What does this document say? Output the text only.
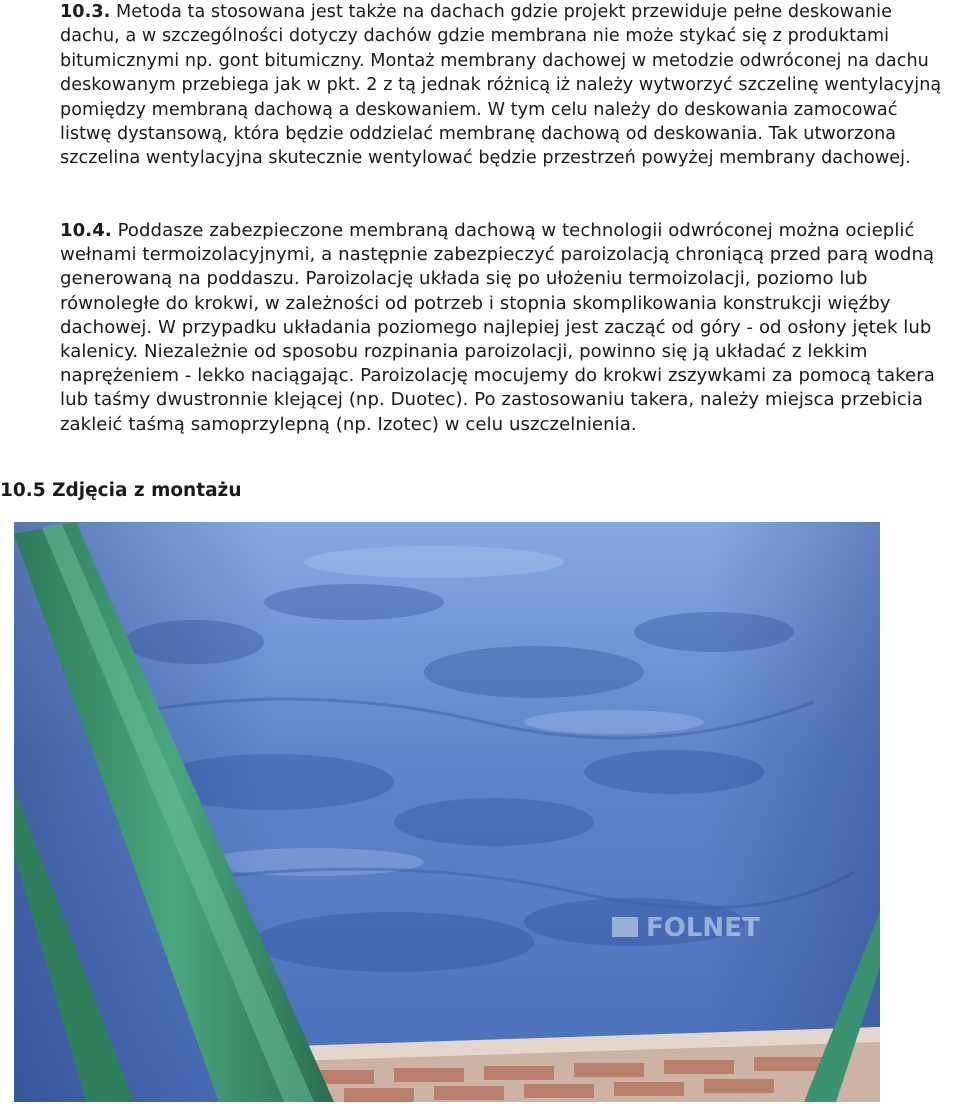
10.3. Metoda ta stosowana jest także na dachach gdzie projekt przewiduje pełne deskowanie dachu, a w szczególności dotyczy dachów gdzie membrana nie może stykać się z produktami bitumicznymi np. gont bitumiczny. Montaż membrany dachowej w metodzie odwróconej na dachu deskowanym przebiega jak w pkt. 2 z tą jednak różnicą iż należy wytworzyć szczelinę wentylacyjną pomiędzy membraną dachową a deskowaniem. W tym celu należy do deskowania zamocować listwę dystansową, która będzie oddzielać membranę dachową od deskowania. Tak utworzona szczelina wentylacyjna skutecznie wentylować będzie przestrzeń powyżej membrany dachowej.

10.4. Poddasze zabezpieczone membraną dachową w technologii odwróconej można ocieplić wełnami termoizolacyjnymi, a następnie zabezpieczyć paroizolacją chroniącą przed parą wodną generowaną na poddaszu. Paroizolację układa się po ułożeniu termoizolacji, poziomo lub równoległe do krokwi, w zależności od potrzeb i stopnia skomplikowania konstrukcji więźby dachowej. W przypadku układania poziomego najlepiej jest zacząć od góry - od osłony jętek lub kalenicy. Niezależnie od sposobu rozpinania paroizolacji, powinno się ją układać z lekkim naprężeniem - lekko naciągając. Paroizolację mocujemy do krokwi zszywkami za pomocą takera lub taśmy dwustronnie klejącej (np. Duotec). Po zastosowaniu takera, należy miejsca przebicia zakleić taśmą samoprzylepną (np. Izotec) w celu uszczelnienia.

10.5 Zdjęcia z montażu
FOLNET
